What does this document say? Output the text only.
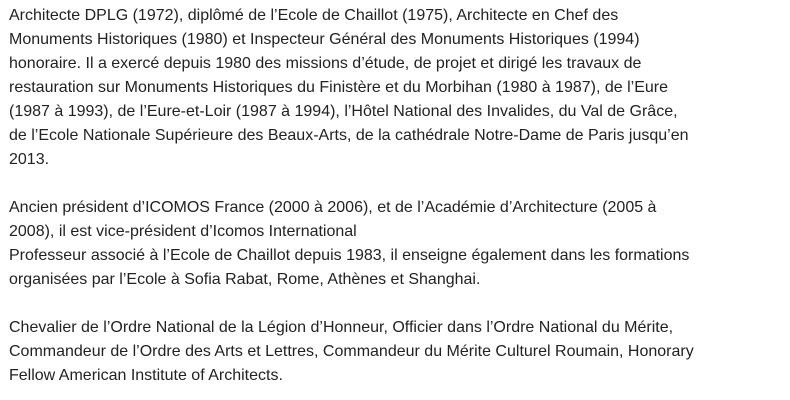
Architecte DPLG (1972), diplômé de l’Ecole de Chaillot (1975), Architecte en Chef des
Monuments Historiques (1980) et Inspecteur Général des Monuments Historiques (1994)
honoraire. Il a exercé depuis 1980 des missions d’étude, de projet et dirigé les travaux de
restauration sur Monuments Historiques du Finistère et du Morbihan (1980 à 1987), de l’Eure
(1987 à 1993), de l’Eure-et-Loir (1987 à 1994), l’Hôtel National des Invalides, du Val de Grâce,
de l’Ecole Nationale Supérieure des Beaux-Arts, de la cathédrale Notre-Dame de Paris jusqu’en
2013.

Ancien président d’ICOMOS France (2000 à 2006), et de l’Académie d’Architecture (2005 à
2008), il est vice-président d’Icomos International
Professeur associé à l’Ecole de Chaillot depuis 1983, il enseigne également dans les formations
organisées par l’Ecole à Sofia Rabat, Rome, Athènes et Shanghai.

Chevalier de l’Ordre National de la Légion d’Honneur, Officier dans l’Ordre National du Mérite,
Commandeur de l’Ordre des Arts et Lettres, Commandeur du Mérite Culturel Roumain, Honorary
Fellow American Institute of Architects.
